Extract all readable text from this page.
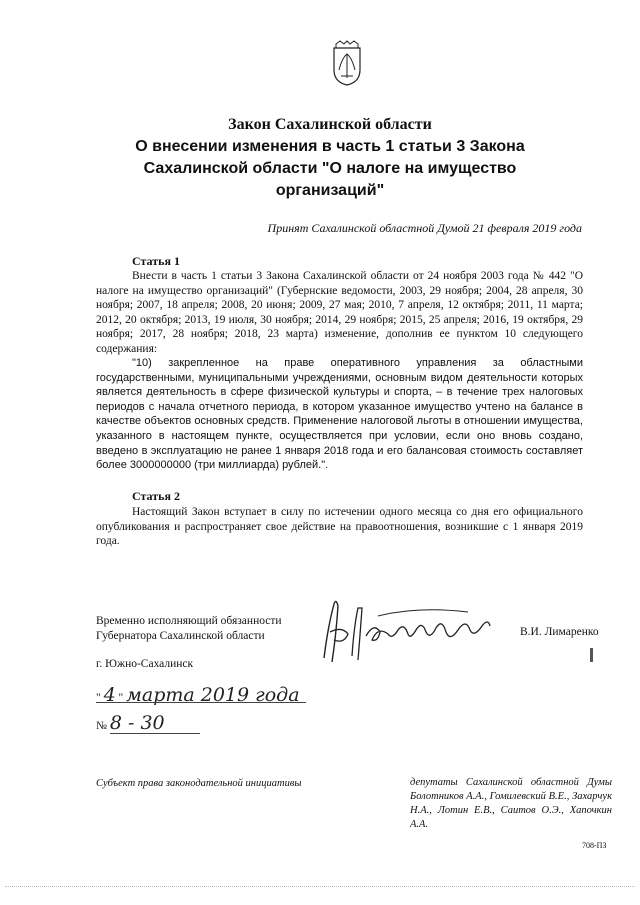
Закон Сахалинской области
О внесении изменения в часть 1 статьи 3 Закона
Сахалинской области "О налоге на имущество
организаций"
Принят Сахалинской областной Думой 21 февраля 2019 года
Статья 1

Внести в часть 1 статьи 3 Закона Сахалинской области от 24 ноября 2003 года № 442 "О налоге на имущество организаций" (Губернские ведомости, 2003, 29 ноября; 2004, 28 апреля, 30 ноября; 2007, 18 апреля; 2008, 20 июня; 2009, 27 мая; 2010, 7 апреля, 12 октября; 2011, 11 марта; 2012, 20 октября; 2013, 19 июля, 30 ноября; 2014, 29 ноября; 2015, 25 апреля; 2016, 19 октября, 29 ноября; 2017, 28 ноября; 2018, 23 марта) изменение, дополнив ее пунктом 10 следующего содержания:

"10) закрепленное на праве оперативного управления за областными государственными, муниципальными учреждениями, основным видом деятельности которых является деятельность в сфере физической культуры и спорта, – в течение трех налоговых периодов с начала отчетного периода, в котором указанное имущество учтено на балансе в качестве объектов основных средств. Применение налоговой льготы в отношении имущества, указанного в настоящем пункте, осуществляется при условии, если оно вновь создано, введено в эксплуатацию не ранее 1 января 2018 года и его балансовая стоимость составляет более 3000000000 (три миллиарда) рублей.".

Статья 2

Настоящий Закон вступает в силу по истечении одного месяца со дня его официального опубликования и распространяет свое действие на правоотношения, возникшие с 1 января 2019 года.

Временно исполняющий обязанности
Губернатора Сахалинской области	В.И. Лимаренко
г. Южно-Сахалинск
" 4 " марта 2019 года
№ 8 - 30
Субъект права законодательной инициативы	депутаты Сахалинской областной Думы Болотников А.А., Гомилевский В.Е., Захарчук Н.А., Лотин Е.В., Саитов О.Э., Хапочкин А.А.

708-ПЗ
